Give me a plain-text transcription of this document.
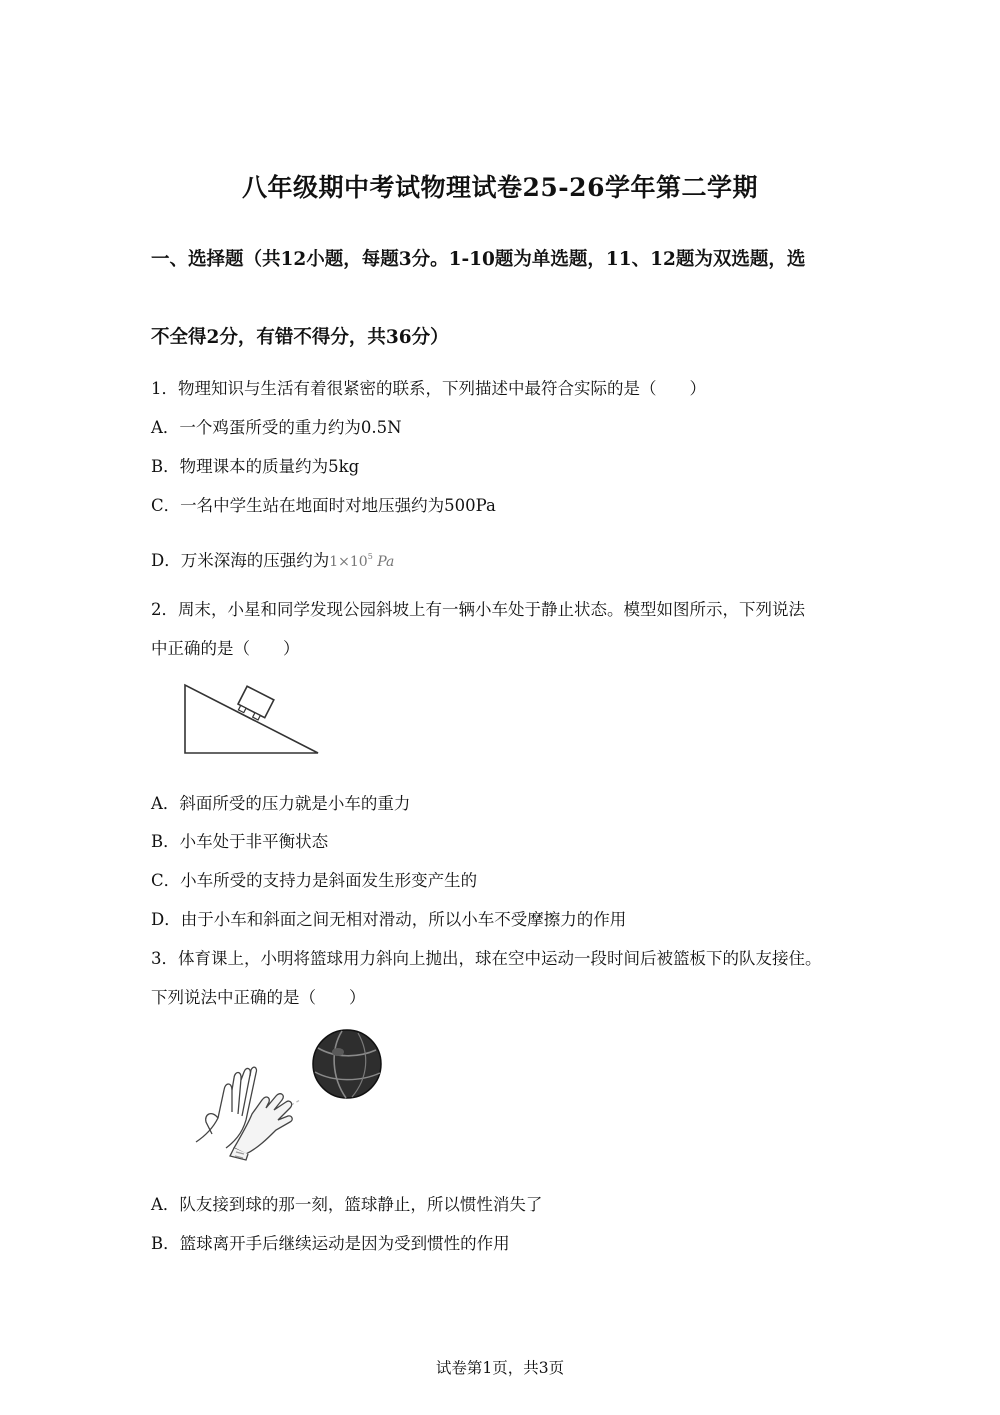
八年级期中考试物理试卷25-26学年第二学期
一、选择题（共12小题，每题3分。1-10题为单选题，11、12题为双选题，选
不全得2分，有错不得分，共36分）
1．物理知识与生活有着很紧密的联系，下列描述中最符合实际的是（　　）
A．一个鸡蛋所受的重力约为0.5N
B．物理课本的质量约为5kg
C．一名中学生站在地面时对地压强约为500Pa
D．万米深海的压强约为$1\times 10^5$ Pa
2．周末，小星和同学发现公园斜坡上有一辆小车处于静止状态。模型如图所示，下列说法
中正确的是（　　）
A．斜面所受的压力就是小车的重力
B．小车处于非平衡状态
C．小车所受的支持力是斜面发生形变产生的
D．由于小车和斜面之间无相对滑动，所以小车不受摩擦力的作用
3．体育课上，小明将篮球用力斜向上抛出，球在空中运动一段时间后被篮板下的队友接住。
下列说法中正确的是（　　）
A．队友接到球的那一刻，篮球静止，所以惯性消失了
B．篮球离开手后继续运动是因为受到惯性的作用
试卷第1页，共3页
